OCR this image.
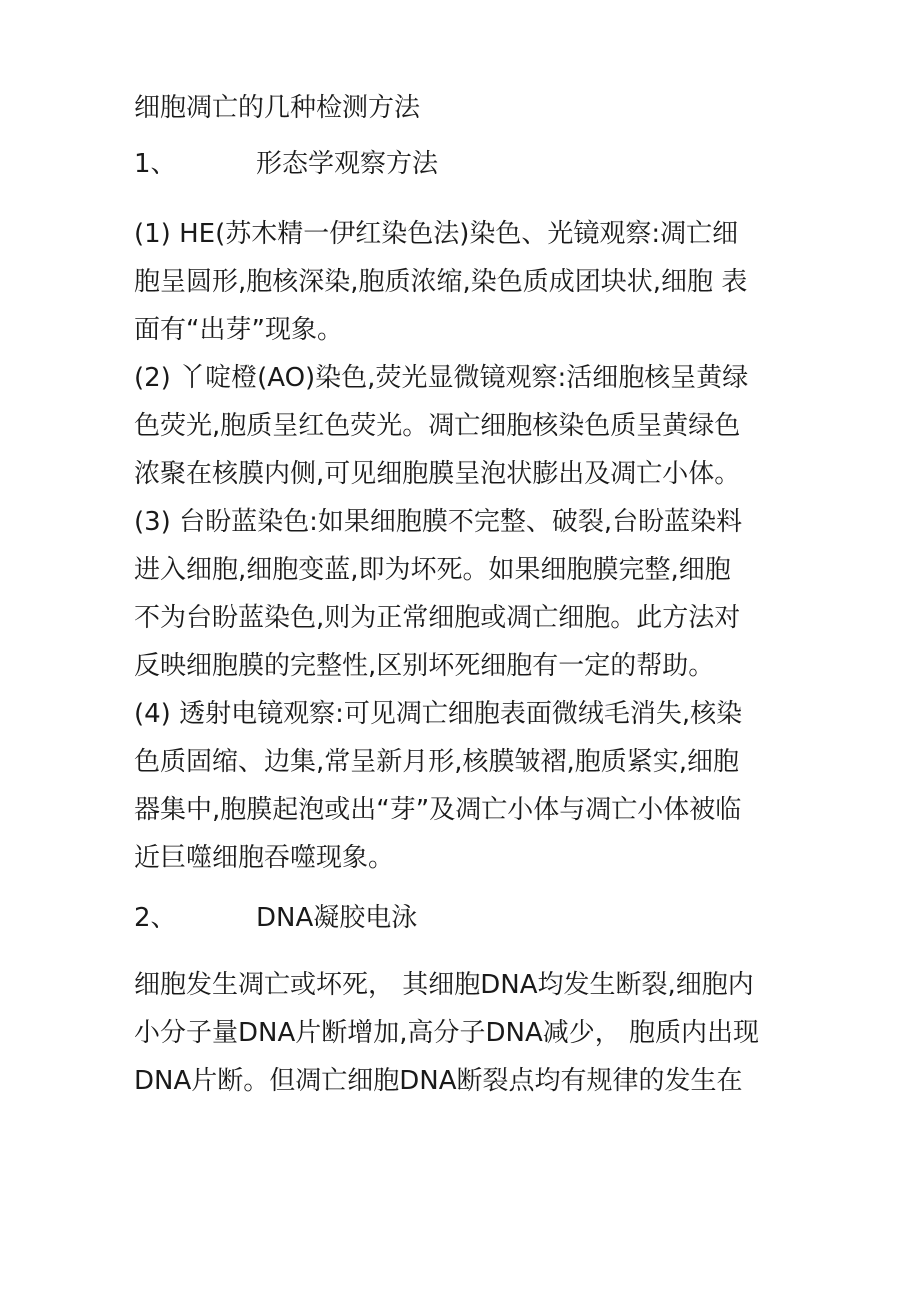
细胞凋亡的几种检测方法
1、	形态学观察方法
(1) HE(苏木精一伊红染色法)染色、光镜观察:凋亡细
胞呈圆形,胞核深染,胞质浓缩,染色质成团块状,细胞 表
面有“出芽”现象。
(2) 丫啶橙(AO)染色,荧光显微镜观察:活细胞核呈黄绿
色荧光,胞质呈红色荧光。凋亡细胞核染色质呈黄绿色
浓聚在核膜内侧,可见细胞膜呈泡状膨出及凋亡小体。
(3) 台盼蓝染色:如果细胞膜不完整、破裂,台盼蓝染料
进入细胞,细胞变蓝,即为坏死。如果细胞膜完整,细胞
不为台盼蓝染色,则为正常细胞或凋亡细胞。此方法对
反映细胞膜的完整性,区别坏死细胞有一定的帮助。
(4) 透射电镜观察:可见凋亡细胞表面微绒毛消失,核染
色质固缩、边集,常呈新月形,核膜皱褶,胞质紧实,细胞
器集中,胞膜起泡或出“芽”及凋亡小体与凋亡小体被临
近巨噬细胞吞噬现象。
2、	DNA凝胶电泳
细胞发生凋亡或坏死， 其细胞DNA均发生断裂,细胞内
小分子量DNA片断增加,高分子DNA减少， 胞质内出现
DNA片断。但凋亡细胞DNA断裂点均有规律的发生在
